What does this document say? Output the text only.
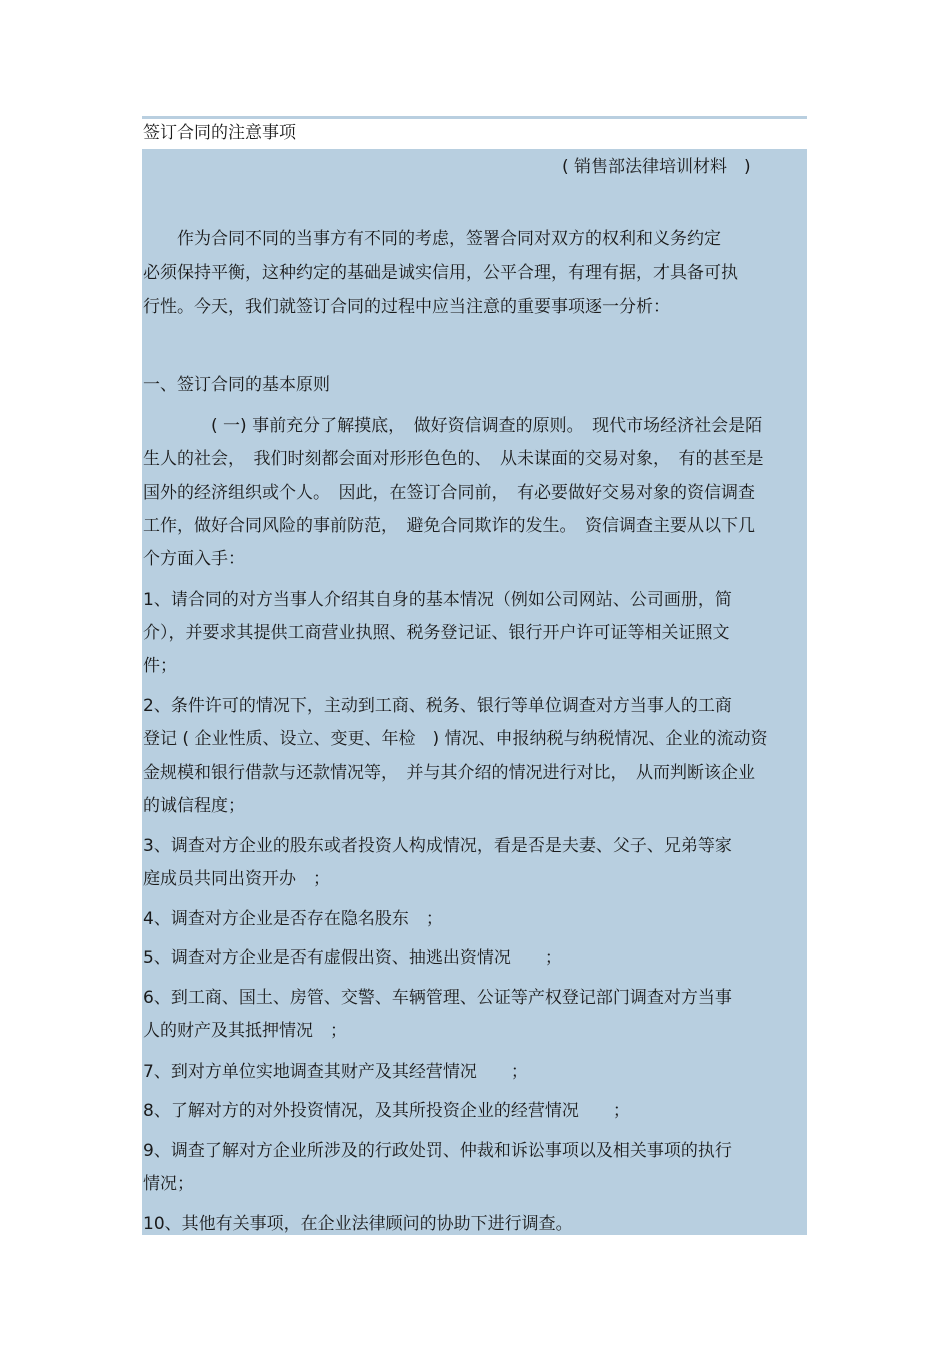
签订合同的注意事项
( 销售部法律培训材料　)
　　作为合同不同的当事方有不同的考虑，签署合同对双方的权利和义务约定
必须保持平衡，这种约定的基础是诚实信用，公平合理，有理有据，才具备可执
行性。今天，我们就签订合同的过程中应当注意的重要事项逐一分析：
一、签订合同的基本原则
　　　　( 一) 事前充分了解摸底，　做好资信调查的原则。　现代市场经济社会是陌
生人的社会，　我们时刻都会面对形形色色的、　从未谋面的交易对象，　有的甚至是
国外的经济组织或个人。　因此，在签订合同前，　有必要做好交易对象的资信调查
工作，做好合同风险的事前防范，　避免合同欺诈的发生。　资信调查主要从以下几
个方面入手：
1、请合同的对方当事人介绍其自身的基本情况（例如公司网站、公司画册，简
介），并要求其提供工商营业执照、税务登记证、银行开户许可证等相关证照文
件；
2、条件许可的情况下，主动到工商、税务、银行等单位调查对方当事人的工商
登记 ( 企业性质、设立、变更、年检　) 情况、申报纳税与纳税情况、企业的流动资
金规模和银行借款与还款情况等，　并与其介绍的情况进行对比，　从而判断该企业
的诚信程度；
3、调查对方企业的股东或者投资人构成情况，看是否是夫妻、父子、兄弟等家
庭成员共同出资开办　；
4、调查对方企业是否存在隐名股东　；
5、调查对方企业是否有虚假出资、抽逃出资情况　　；
6、到工商、国土、房管、交警、车辆管理、公证等产权登记部门调查对方当事
人的财产及其抵押情况　；
7、到对方单位实地调查其财产及其经营情况　　；
8、了解对方的对外投资情况，及其所投资企业的经营情况　　；
9、调查了解对方企业所涉及的行政处罚、仲裁和诉讼事项以及相关事项的执行
情况；
10、其他有关事项，在企业法律顾问的协助下进行调查。
